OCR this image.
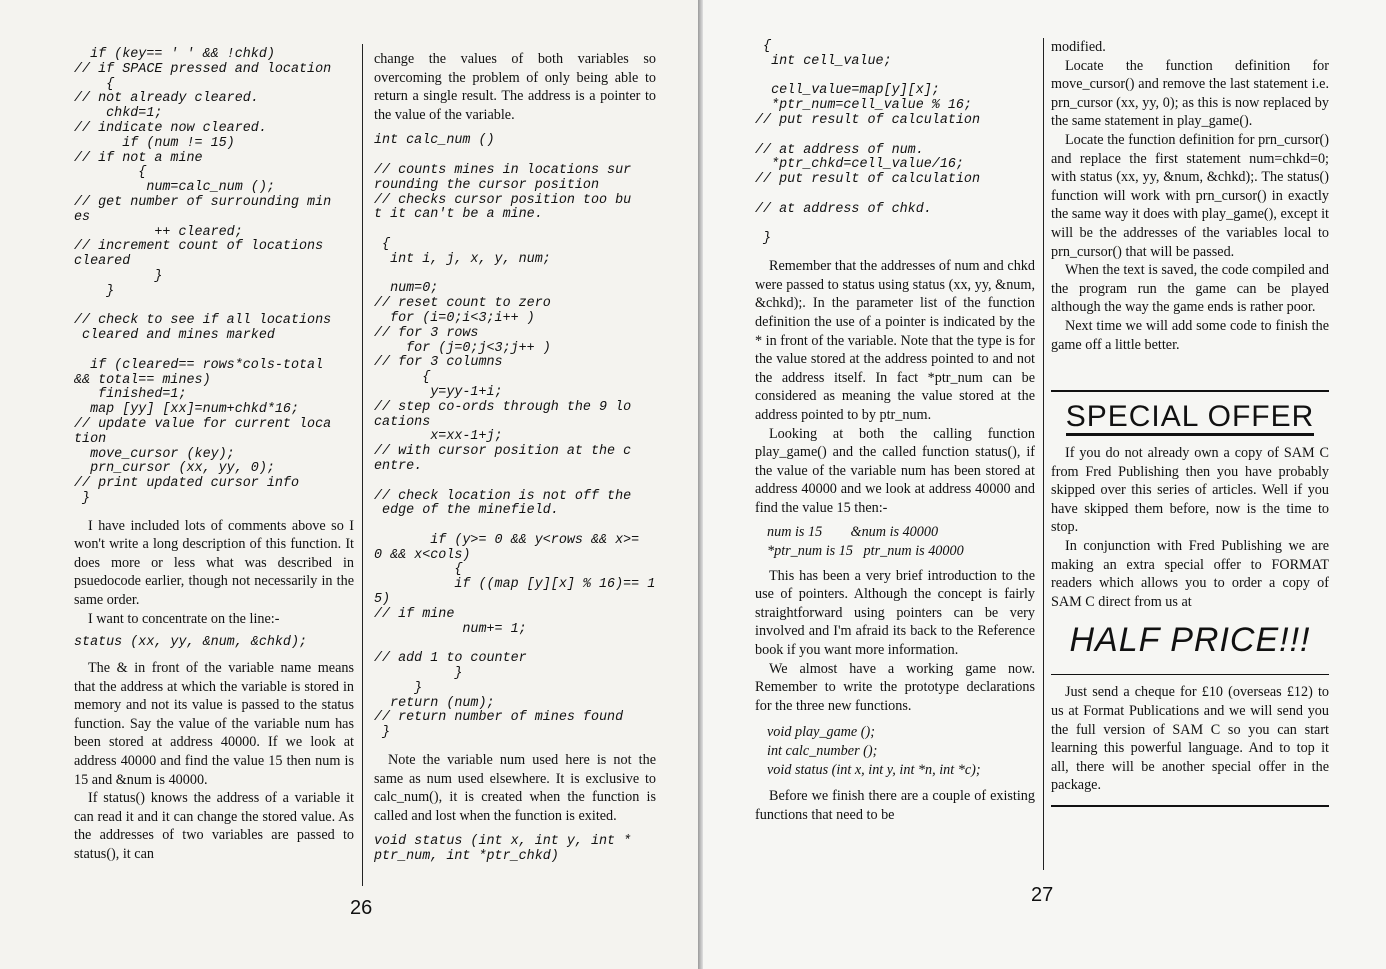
if (key== ' ' && !chkd)
// if SPACE pressed and location
{
// not already cleared.
chkd=1;
// indicate now cleared.
if (num != 15)
// if not a mine
{
num=calc_num ();
// get number of surrounding min
es
++ cleared;
// increment count of locations
cleared
}
}

// check to see if all locations
cleared and mines marked

if (cleared== rows*cols-total
&& total== mines)
finished=1;
map [yy] [xx]=num+chkd*16;
// update value for current loca
tion
move_cursor (key);
prn_cursor (xx, yy, 0);
// print updated cursor info
}

I have included lots of comments above so I won't write a long description of this function. It does more or less what was described in psuedocode earlier, though not necessarily in the same order.

I want to concentrate on the line:-

status (xx, yy, &num, &chkd);

The & in front of the variable name means that the address at which the variable is stored in memory and not its value is passed to the status function. Say the value of the variable num has been stored at address 40000. If we look at address 40000 and find the value 15 then num is 15 and &num is 40000.

If status() knows the address of a variable it can read it and it can change the stored value. As the addresses of two variables are passed to status(), it can

change the values of both variables so overcoming the problem of only being able to return a single result. The address is a pointer to the value of the variable.

int calc_num ()

// counts mines in locations sur
rounding the cursor position
// checks cursor position too bu
t it can't be a mine.

{
int i, j, x, y, num;

num=0;
// reset count to zero
for (i=0;i<3;i++ )
// for 3 rows
for (j=0;j<3;j++ )
// for 3 columns
{
y=yy-1+i;
// step co-ords through the 9 lo
cations
x=xx-1+j;
// with cursor position at the c
entre.

// check location is not off the
edge of the minefield.

if (y>= 0 && y<rows && x>=
0 && x<cols)
{
if ((map [y][x] % 16)== 1
5)
// if mine
num+= 1;

// add 1 to counter
}
}
return (num);
// return number of mines found
}

Note the variable num used here is not the same as num used elsewhere. It is exclusive to calc_num(), it is created when the function is called and lost when the function is exited.

void status (int x, int y, int *
ptr_num, int *ptr_chkd)
26
{
int cell_value;

cell_value=map[y][x];
*ptr_num=cell_value % 16;
// put result of calculation

// at address of num.
*ptr_chkd=cell_value/16;
// put result of calculation

// at address of chkd.

}

Remember that the addresses of num and chkd were passed to status using status (xx, yy, &num, &chkd);. In the parameter list of the function definition the use of a pointer is indicated by the * in front of the variable. Note that the type is for the value stored at the address pointed to and not the address itself. In fact *ptr_num can be considered as meaning the value stored at the address pointed to by ptr_num.

Looking at both the calling function play_game() and the called function status(), if the value of the variable num has been stored at address 40000 and we look at address 40000 and find the value 15 then:-

num is 15        &num is 40000

*ptr_num is 15   ptr_num is 40000

This has been a very brief introduction to the use of pointers. Although the concept is fairly straightforward using pointers can be very involved and I'm afraid its back to the Reference book if you want more information.

We almost have a working game now. Remember to write the prototype declarations for the three new functions.

void play_game ();

int calc_number ();

void status (int x, int y, int *n, int *c);

Before we finish there are a couple of existing functions that need to be

modified.

Locate the function definition for move_cursor() and remove the last statement i.e. prn_cursor (xx, yy, 0); as this is now replaced by the same statement in play_game().

Locate the function definition for prn_cursor() and replace the first statement num=chkd=0; with status (xx, yy, &num, &chkd);. The status() function will work with prn_cursor() in exactly the same way it does with play_game(), except it will be the addresses of the variables local to prn_cursor() that will be passed.

When the text is saved, the code compiled and the program run the game can be played although the way the game ends is rather poor.

Next time we will add some code to finish the game off a little better.

SPECIAL OFFER

If you do not already own a copy of SAM C from Fred Publishing then you have probably skipped over this series of articles. Well if you have skipped them before, now is the time to stop.

In conjunction with Fred Publishing we are making an extra special offer to FORMAT readers which allows you to order a copy of SAM C direct from us at

HALF PRICE!!!

Just send a cheque for £10 (overseas £12) to us at Format Publications and we will send you the full version of SAM C so you can start learning this powerful language. And to top it all, there will be another special offer in the package.

27
